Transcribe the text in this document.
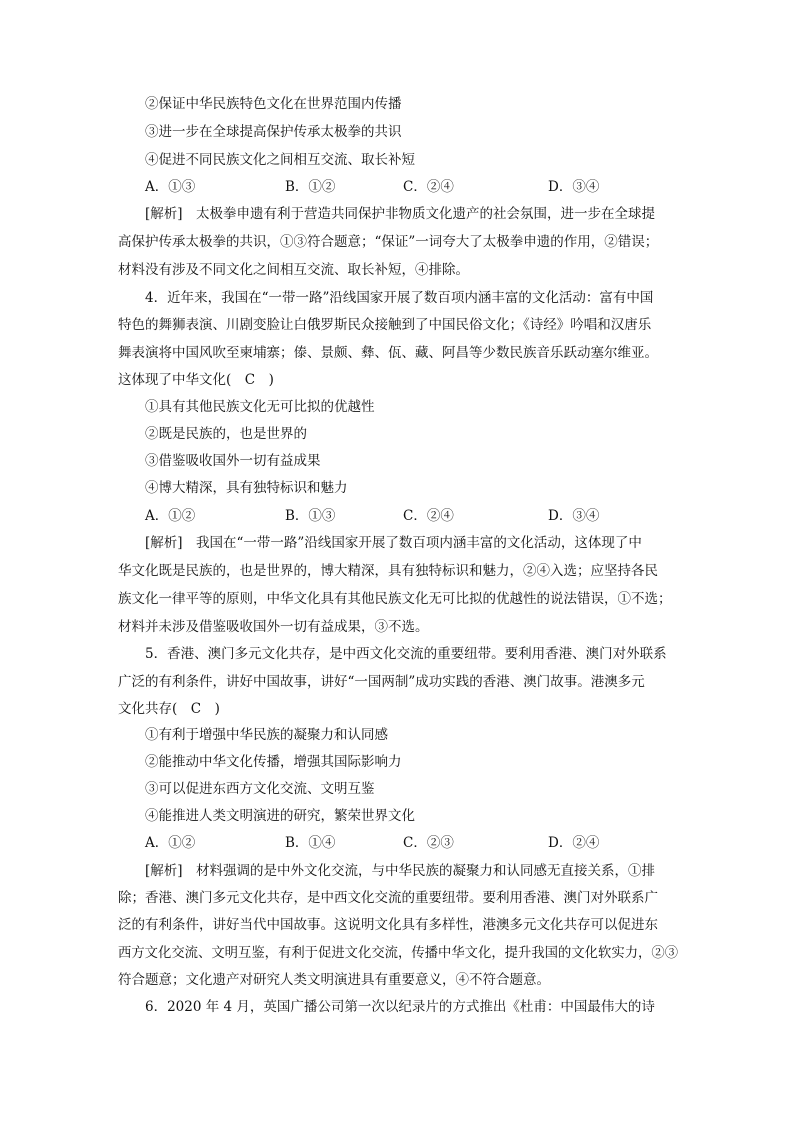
②保证中华民族特色文化在世界范围内传播
③进一步在全球提高保护传承太极拳的共识
④促进不同民族文化之间相互交流、取长补短
A．①③	B．①②	C．②④	D．③④
[解析]　太极拳申遗有利于营造共同保护非物质文化遗产的社会氛围，进一步在全球提
高保护传承太极拳的共识，①③符合题意；“保证”一词夸大了太极拳申遗的作用，②错误；
材料没有涉及不同文化之间相互交流、取长补短，④排除。
4．近年来，我国在“一带一路”沿线国家开展了数百项内涵丰富的文化活动：富有中国
特色的舞狮表演、川剧变脸让白俄罗斯民众接触到了中国民俗文化；《诗经》吟唱和汉唐乐
舞表演将中国风吹至柬埔寨；傣、景颇、彝、佤、藏、阿昌等少数民族音乐跃动塞尔维亚。
这体现了中华文化(　C　)
①具有其他民族文化无可比拟的优越性
②既是民族的，也是世界的
③借鉴吸收国外一切有益成果
④博大精深，具有独特标识和魅力
A．①②	B．①③	C．②④	D．③④
[解析]　我国在“一带一路”沿线国家开展了数百项内涵丰富的文化活动，这体现了中
华文化既是民族的，也是世界的，博大精深，具有独特标识和魅力，②④入选；应坚持各民
族文化一律平等的原则，中华文化具有其他民族文化无可比拟的优越性的说法错误，①不选；
材料并未涉及借鉴吸收国外一切有益成果，③不选。
5．香港、澳门多元文化共存，是中西文化交流的重要纽带。要利用香港、澳门对外联系
广泛的有利条件，讲好中国故事，讲好“一国两制”成功实践的香港、澳门故事。港澳多元
文化共存(　C　)
①有利于增强中华民族的凝聚力和认同感
②能推动中华文化传播，增强其国际影响力
③可以促进东西方文化交流、文明互鉴
④能推进人类文明演进的研究，繁荣世界文化
A．①②	B．①④	C．②③	D．②④
[解析]　材料强调的是中外文化交流，与中华民族的凝聚力和认同感无直接关系，①排
除；香港、澳门多元文化共存，是中西文化交流的重要纽带。要利用香港、澳门对外联系广
泛的有利条件，讲好当代中国故事。这说明文化具有多样性，港澳多元文化共存可以促进东
西方文化交流、文明互鉴，有利于促进文化交流，传播中华文化，提升我国的文化软实力，②③
符合题意；文化遗产对研究人类文明演进具有重要意义，④不符合题意。
6．2020 年 4 月，英国广播公司第一次以纪录片的方式推出《杜甫：中国最伟大的诗
